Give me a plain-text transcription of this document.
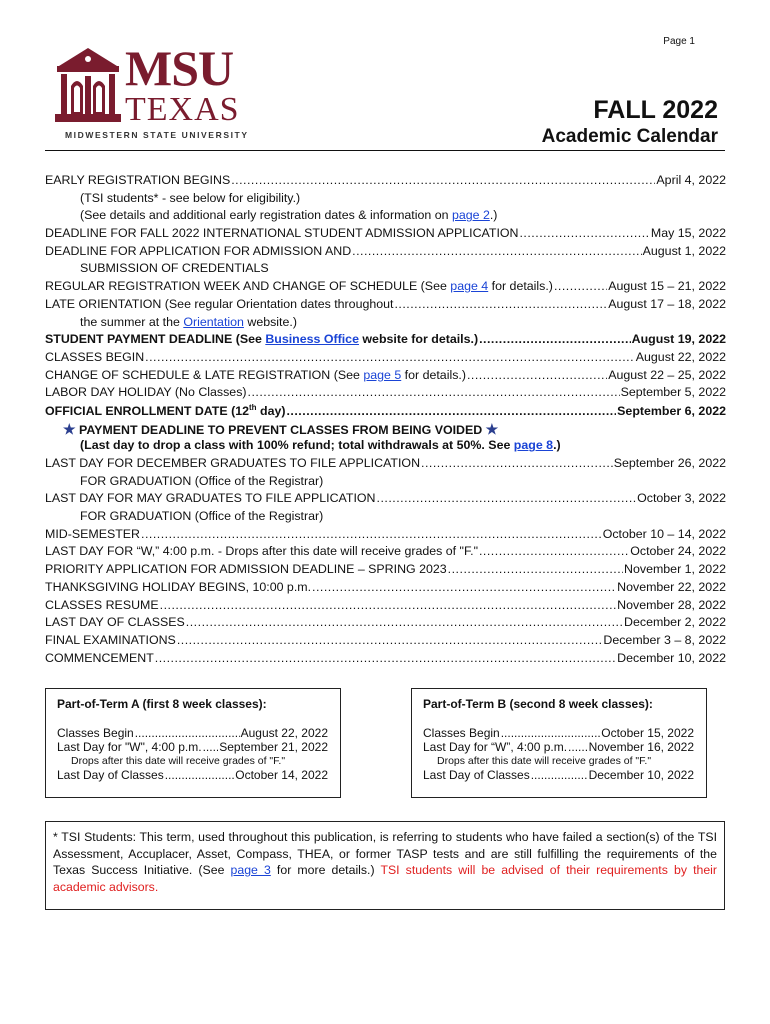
Page 1
MSU
TEXAS
MIDWESTERN STATE UNIVERSITY
FALL 2022
Academic Calendar
EARLY REGISTRATION BEGINS .....	April 4, 2022
(TSI students* - see below for eligibility.)
(See details and additional early registration dates & information on page 2.)
DEADLINE FOR FALL 2022 INTERNATIONAL STUDENT ADMISSION APPLICATION .....	May 15, 2022
DEADLINE FOR APPLICATION FOR ADMISSION AND .....	August 1, 2022
SUBMISSION OF CREDENTIALS
REGULAR REGISTRATION WEEK AND CHANGE OF SCHEDULE (See page 4 for details.) .....	August 15 – 21, 2022
LATE ORIENTATION (See regular Orientation dates throughout .....	August 17 – 18, 2022
the summer at the Orientation website.)
STUDENT PAYMENT DEADLINE (See Business Office website for details.) .....	August 19, 2022
CLASSES BEGIN .....	August 22, 2022
CHANGE OF SCHEDULE & LATE REGISTRATION (See page 5 for details.) .....	August 22 – 25, 2022
LABOR DAY HOLIDAY (No Classes) .....	September 5, 2022
OFFICIAL ENROLLMENT DATE (12th day) .....	September 6, 2022
★ PAYMENT DEADLINE TO PREVENT CLASSES FROM BEING VOIDED ★
(Last day to drop a class with 100% refund; total withdrawals at 50%. See page 8.)
LAST DAY FOR DECEMBER GRADUATES TO FILE APPLICATION .....	September 26, 2022
FOR GRADUATION (Office of the Registrar)
LAST DAY FOR MAY GRADUATES TO FILE APPLICATION .....	October 3, 2022
FOR GRADUATION (Office of the Registrar)
MID-SEMESTER .....	October 10 – 14, 2022
LAST DAY FOR “W,” 4:00 p.m. - Drops after this date will receive grades of "F." .....	October 24, 2022
PRIORITY APPLICATION FOR ADMISSION DEADLINE – SPRING 2023 .....	November 1, 2022
THANKSGIVING HOLIDAY BEGINS, 10:00 p.m. .....	November 22, 2022
CLASSES RESUME .....	November 28, 2022
LAST DAY OF CLASSES .....	December 2, 2022
FINAL EXAMINATIONS .....	December 3 – 8, 2022
COMMENCEMENT .....	December 10, 2022
Part-of-Term A (first 8 week classes):
Classes Begin .....	August 22, 2022
Last Day for "W", 4:00 p.m. ..... September 21, 2022
Drops after this date will receive grades of "F."
Last Day of Classes .....	October 14, 2022
Part-of-Term B (second 8 week classes):
Classes Begin .....	October 15, 2022
Last Day for “W”, 4:00 p.m. ..... November 16, 2022
Drops after this date will receive grades of "F."
Last Day of Classes .....	December 10, 2022
* TSI Students: This term, used throughout this publication, is referring to students who have failed a section(s) of the TSI Assessment, Accuplacer, Asset, Compass, THEA, or former TASP tests and are still fulfilling the requirements of the Texas Success Initiative. (See page 3 for more details.) TSI students will be advised of their requirements by their academic advisors.
